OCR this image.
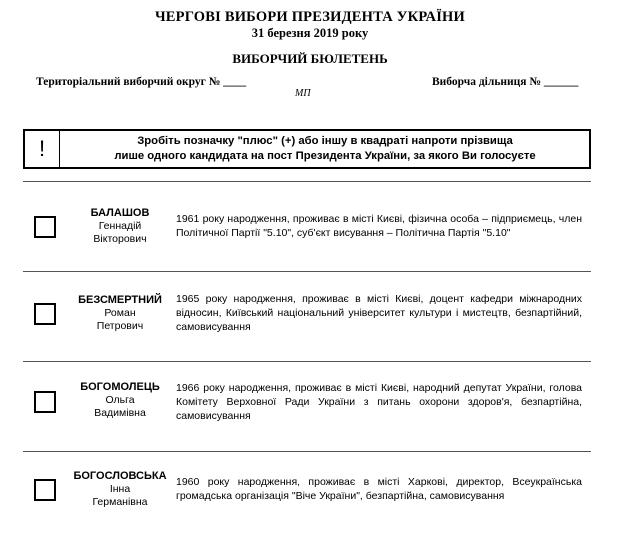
ЧЕРГОВІ ВИБОРИ ПРЕЗИДЕНТА УКРАЇНИ
31 березня 2019 року
ВИБОРЧИЙ БЮЛЕТЕНЬ
Територіальний виборчий округ № ____	Виборча дільниця № ______
МП
!	Зробіть позначку "плюс" (+) або іншу в квадраті напроти прізвища
лише одного кандидата на пост Президента України, за якого Ви голосуєте
БАЛАШОВ
Геннадій
Вікторович
1961 року народження, проживає в місті Києві, фізична особа – підприємець, член Політичної Партії "5.10", суб'єкт висування – Політична Партія "5.10"
БЕЗСМЕРТНИЙ
Роман
Петрович
1965 року народження, проживає в місті Києві, доцент кафедри міжнародних відносин, Київський національний університет культури і мистецтв, безпартійний, самовисування
БОГОМОЛЕЦЬ
Ольга
Вадимівна
1966 року народження, проживає в місті Києві, народний депутат України, голова Комітету Верховної Ради України з питань охорони здоров'я, безпартійна, самовисування
БОГОСЛОВСЬКА
Інна
Германівна
1960 року народження, проживає в місті Харкові, директор, Всеукраїнська громадська організація "Віче України", безпартійна, самовисування
